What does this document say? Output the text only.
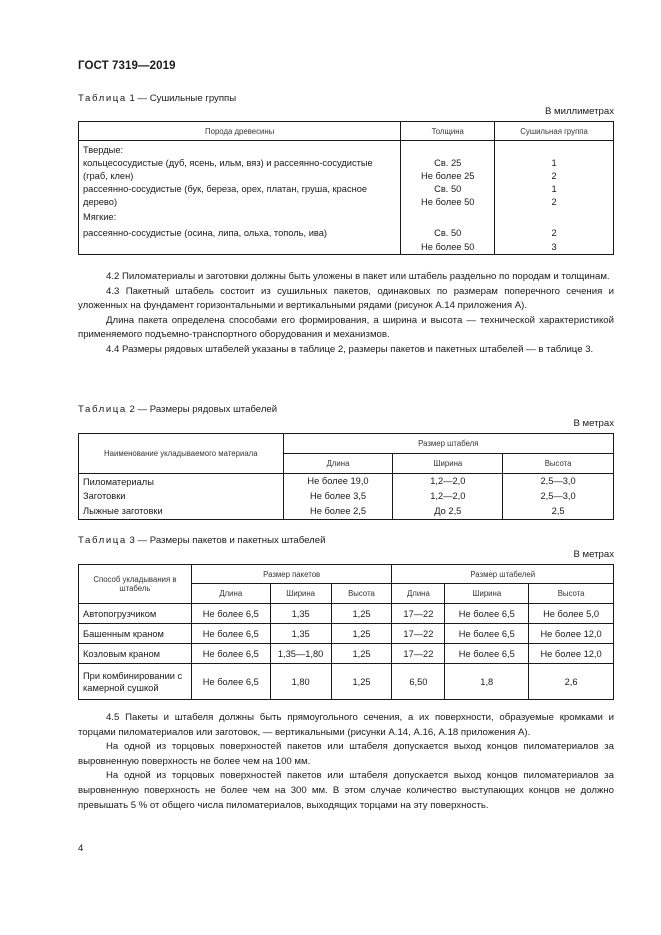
ГОСТ 7319—2019
Таблица 1 — Сушильные группы
В миллиметрах
Порода древесины	Толщина	Сушильная группа
Твердые:		
кольцесосудистые (дуб, ясень, ильм, вяз) и рассеянно-сосудистые	Св. 25	1
(граб, клен)	Не более 25	2
рассеянно-сосудистые (бук, береза, орех, платан, груша, красное	Св. 50	1
дерево)	Не более 50	2
Мягкие:		
рассеянно-сосудистые (осина, липа, ольха, тополь, ива)	Св. 50	2
	Не более 50	3

4.2 Пиломатериалы и заготовки должны быть уложены в пакет или штабель раздельно по породам и толщинам.

4.3 Пакетный штабель состоит из сушильных пакетов, одинаковых по размерам поперечного сечения и уложенных на фундамент горизонтальными и вертикальными рядами (рисунок А.14 приложения А).

Длина пакета определена способами его формирования, а ширина и высота — технической характеристикой применяемого подъемно-транспортного оборудования и механизмов.

4.4 Размеры рядовых штабелей указаны в таблице 2, размеры пакетов и пакетных штабелей — в таблице 3.

Таблица 2 — Размеры рядовых штабелей
В метрах
Наименование укладываемого материала	Размер штабеля		
	Длина	Ширина	Высота
Пиломатериалы	Не более 19,0	1,2—2,0	2,5—3,0
Заготовки	Не более 3,5	1,2—2,0	2,5—3,0
Лыжные заготовки	Не более 2,5	До 2,5	2,5
Таблица 3 — Размеры пакетов и пакетных штабелей
В метрах
Способ укладывания в штабель	Размер пакетов			Размер штабелей		
	Длина	Ширина	Высота	Длина	Ширина	Высота
Автопогрузчиком	Не более 6,5	1,35	1,25	17—22	Не более 6,5	Не более 5,0
Башенным краном	Не более 6,5	1,35	1,25	17—22	Не более 6,5	Не более 12,0
Козловым краном	Не более 6,5	1,35—1,80	1,25	17—22	Не более 6,5	Не более 12,0
При комбинировании с камерной сушкой	Не более 6,5	1,80	1,25	6,50	1,8	2,6

4.5 Пакеты и штабеля должны быть прямоугольного сечения, а их поверхности, образуемые кромками и торцами пиломатериалов или заготовок, — вертикальными (рисунки А.14, А.16, А.18 приложения А).

На одной из торцовых поверхностей пакетов или штабеля допускается выход концов пиломатериалов за выровненную поверхность не более чем на 100 мм.

На одной из торцовых поверхностей пакетов или штабеля допускается выход концов пиломатериалов за выровненную поверхность не более чем на 300 мм. В этом случае количество выступающих концов не должно превышать 5 % от общего числа пиломатериалов, выходящих торцами на эту поверхность.

4
